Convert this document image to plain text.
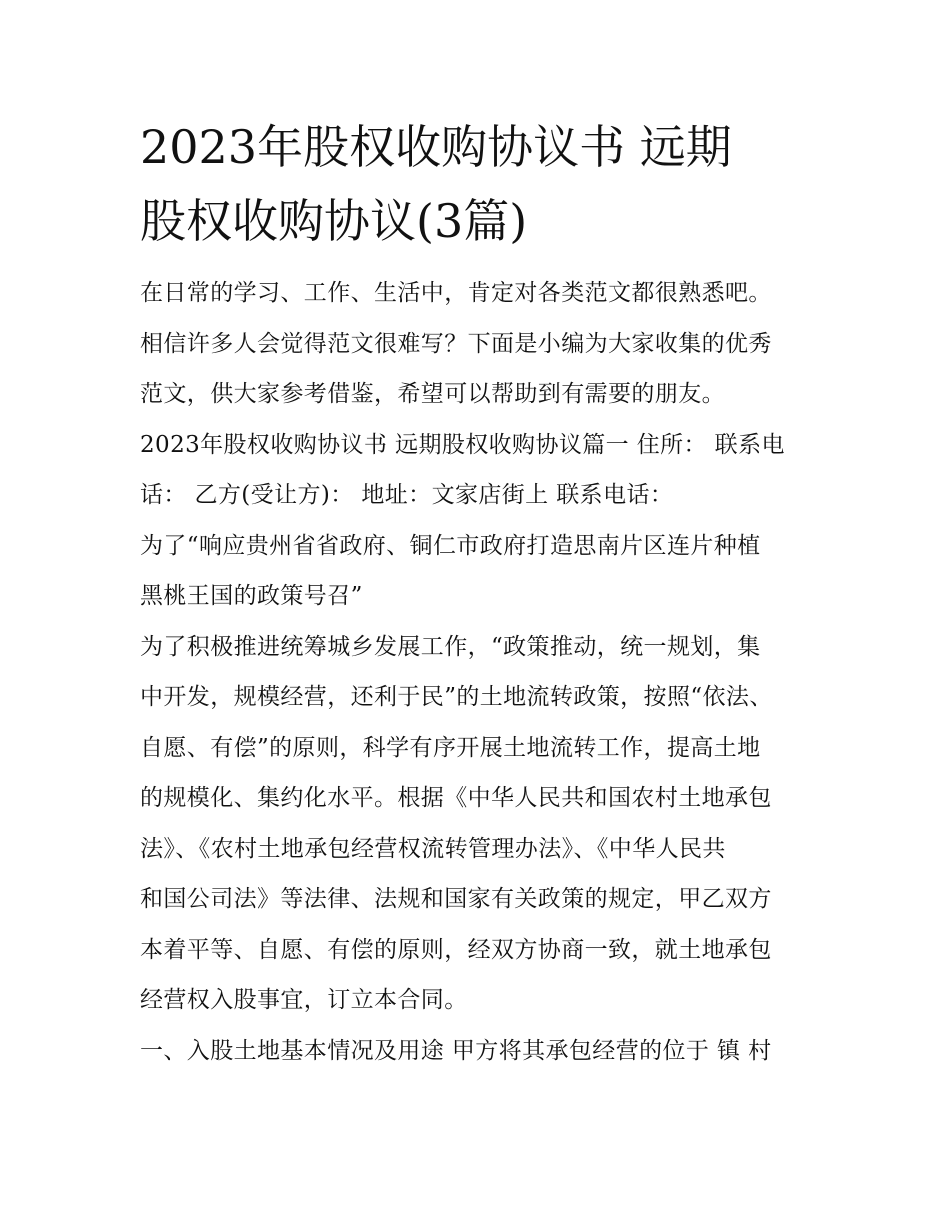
2023年股权收购协议书 远期
股权收购协议(3篇)

在日常的学习、工作、生活中，肯定对各类范文都很熟悉吧。
相信许多人会觉得范文很难写？下面是小编为大家收集的优秀
范文，供大家参考借鉴，希望可以帮助到有需要的朋友。

2023年股权收购协议书 远期股权收购协议篇一 住所： 联系电
话： 乙方(受让方)： 地址：文家店街上 联系电话：

为了“响应贵州省省政府、铜仁市政府打造思南片区连片种植
黑桃王国的政策号召”

为了积极推进统筹城乡发展工作，“政策推动，统一规划，集
中开发，规模经营，还利于民”的土地流转政策，按照“依法、
自愿、有偿”的原则，科学有序开展土地流转工作，提高土地
的规模化、集约化水平。根据《中华人民共和国农村土地承包
法》、《农村土地承包经营权流转管理办法》、《中华人民共
和国公司法》等法律、法规和国家有关政策的规定，甲乙双方
本着平等、自愿、有偿的原则，经双方协商一致，就土地承包
经营权入股事宜，订立本合同。

一、入股土地基本情况及用途 甲方将其承包经营的位于 镇 村
